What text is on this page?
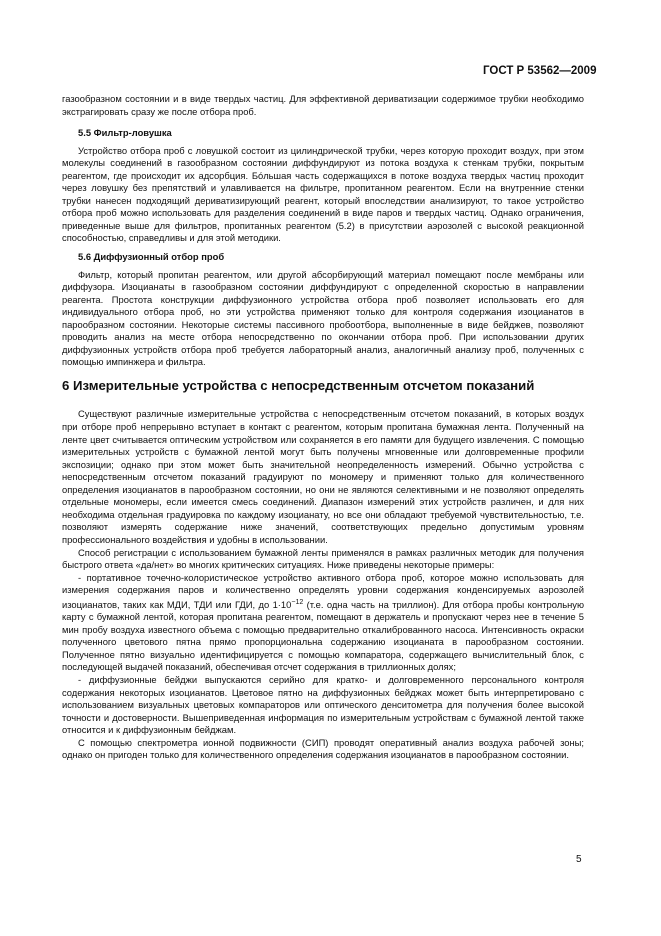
ГОСТ Р 53562—2009

газообразном состоянии и в виде твердых частиц. Для эффективной дериватизации содержимое трубки необходимо экстрагировать сразу же после отбора проб.

5.5 Фильтр-ловушка

Устройство отбора проб с ловушкой состоит из цилиндрической трубки, через которую проходит воздух, при этом молекулы соединений в газообразном состоянии диффундируют из потока воздуха к стенкам трубки, покрытым реагентом, где происходит их адсорбция. Бо́льшая часть содержащихся в потоке воздуха твердых частиц проходит через ловушку без препятствий и улавливается на фильтре, пропитанном реагентом. Если на внутренние стенки трубки нанесен подходящий дериватизирующий реагент, который впоследствии анализируют, то такое устройство отбора проб можно использовать для разделения соединений в виде паров и твердых частиц. Однако ограничения, приведенные выше для фильтров, пропитанных реагентом (5.2) в присутствии аэрозолей с высокой реакционной способностью, справедливы и для этой методики.

5.6 Диффузионный отбор проб

Фильтр, который пропитан реагентом, или другой абсорбирующий материал помещают после мембраны или диффузора. Изоцианаты в газообразном состоянии диффундируют с определенной скоростью в направлении реагента. Простота конструкции диффузионного устройства отбора проб позволяет использовать его для индивидуального отбора проб, но эти устройства применяют только для контроля содержания изоцианатов в парообразном состоянии. Некоторые системы пассивного пробоотбора, выполненные в виде бейджев, позволяют проводить анализ на месте отбора непосредственно по окончании отбора проб. При использовании других диффузионных устройств отбора проб требуется лабораторный анализ, аналогичный анализу проб, полученных с помощью импинжера и фильтра.

6 Измерительные устройства с непосредственным отсчетом показаний

Существуют различные измерительные устройства с непосредственным отсчетом показаний, в которых воздух при отборе проб непрерывно вступает в контакт с реагентом, которым пропитана бумажная лента. Полученный на ленте цвет считывается оптическим устройством или сохраняется в его памяти для будущего извлечения. С помощью измерительных устройств с бумажной лентой могут быть получены мгновенные или долговременные профили экспозиции; однако при этом может быть значительной неопределенность измерений. Обычно устройства с непосредственным отсчетом показаний градуируют по мономеру и применяют только для количественного определения изоцианатов в парообразном состоянии, но они не являются селективными и не позволяют определять отдельные мономеры, если имеется смесь соединений. Диапазон измерений этих устройств различен, и для них необходима отдельная градуировка по каждому изоцианату, но все они обладают требуемой чувствительностью, т.е. позволяют измерять содержание ниже значений, соответствующих предельно допустимым уровням профессионального воздействия и удобны в использовании.

Способ регистрации с использованием бумажной ленты применялся в рамках различных методик для получения быстрого ответа «да/нет» во многих критических ситуациях. Ниже приведены некоторые примеры:

- портативное точечно-колористическое устройство активного отбора проб, которое можно использовать для измерения содержания паров и количественно определять уровни содержания конденсируемых аэрозолей изоцианатов, таких как МДИ, ТДИ или ГДИ, до $1\cdot 10^{-12}$ (т.е. одна часть на триллион). Для отбора пробы контрольную карту с бумажной лентой, которая пропитана реагентом, помещают в держатель и пропускают через нее в течение 5 мин пробу воздуха известного объема с помощью предварительно откалиброванного насоса. Интенсивность окраски полученного цветового пятна прямо пропорциональна содержанию изоцианата в парообразном состоянии. Полученное пятно визуально идентифицируется с помощью компаратора, содержащего вычислительный блок, с последующей выдачей показаний, обеспечивая отсчет содержания в триллионных долях;

- диффузионные бейджи выпускаются серийно для кратко- и долговременного персонального контроля содержания некоторых изоцианатов. Цветовое пятно на диффузионных бейджах может быть интерпретировано с использованием визуальных цветовых компараторов или оптического денситометра для получения более высокой точности и достоверности. Вышеприведенная информация по измерительным устройствам с бумажной лентой также относится и к диффузионным бейджам.

С помощью спектрометра ионной подвижности (СИП) проводят оперативный анализ воздуха рабочей зоны; однако он пригоден только для количественного определения содержания изоцианатов в парообразном состоянии.

5
